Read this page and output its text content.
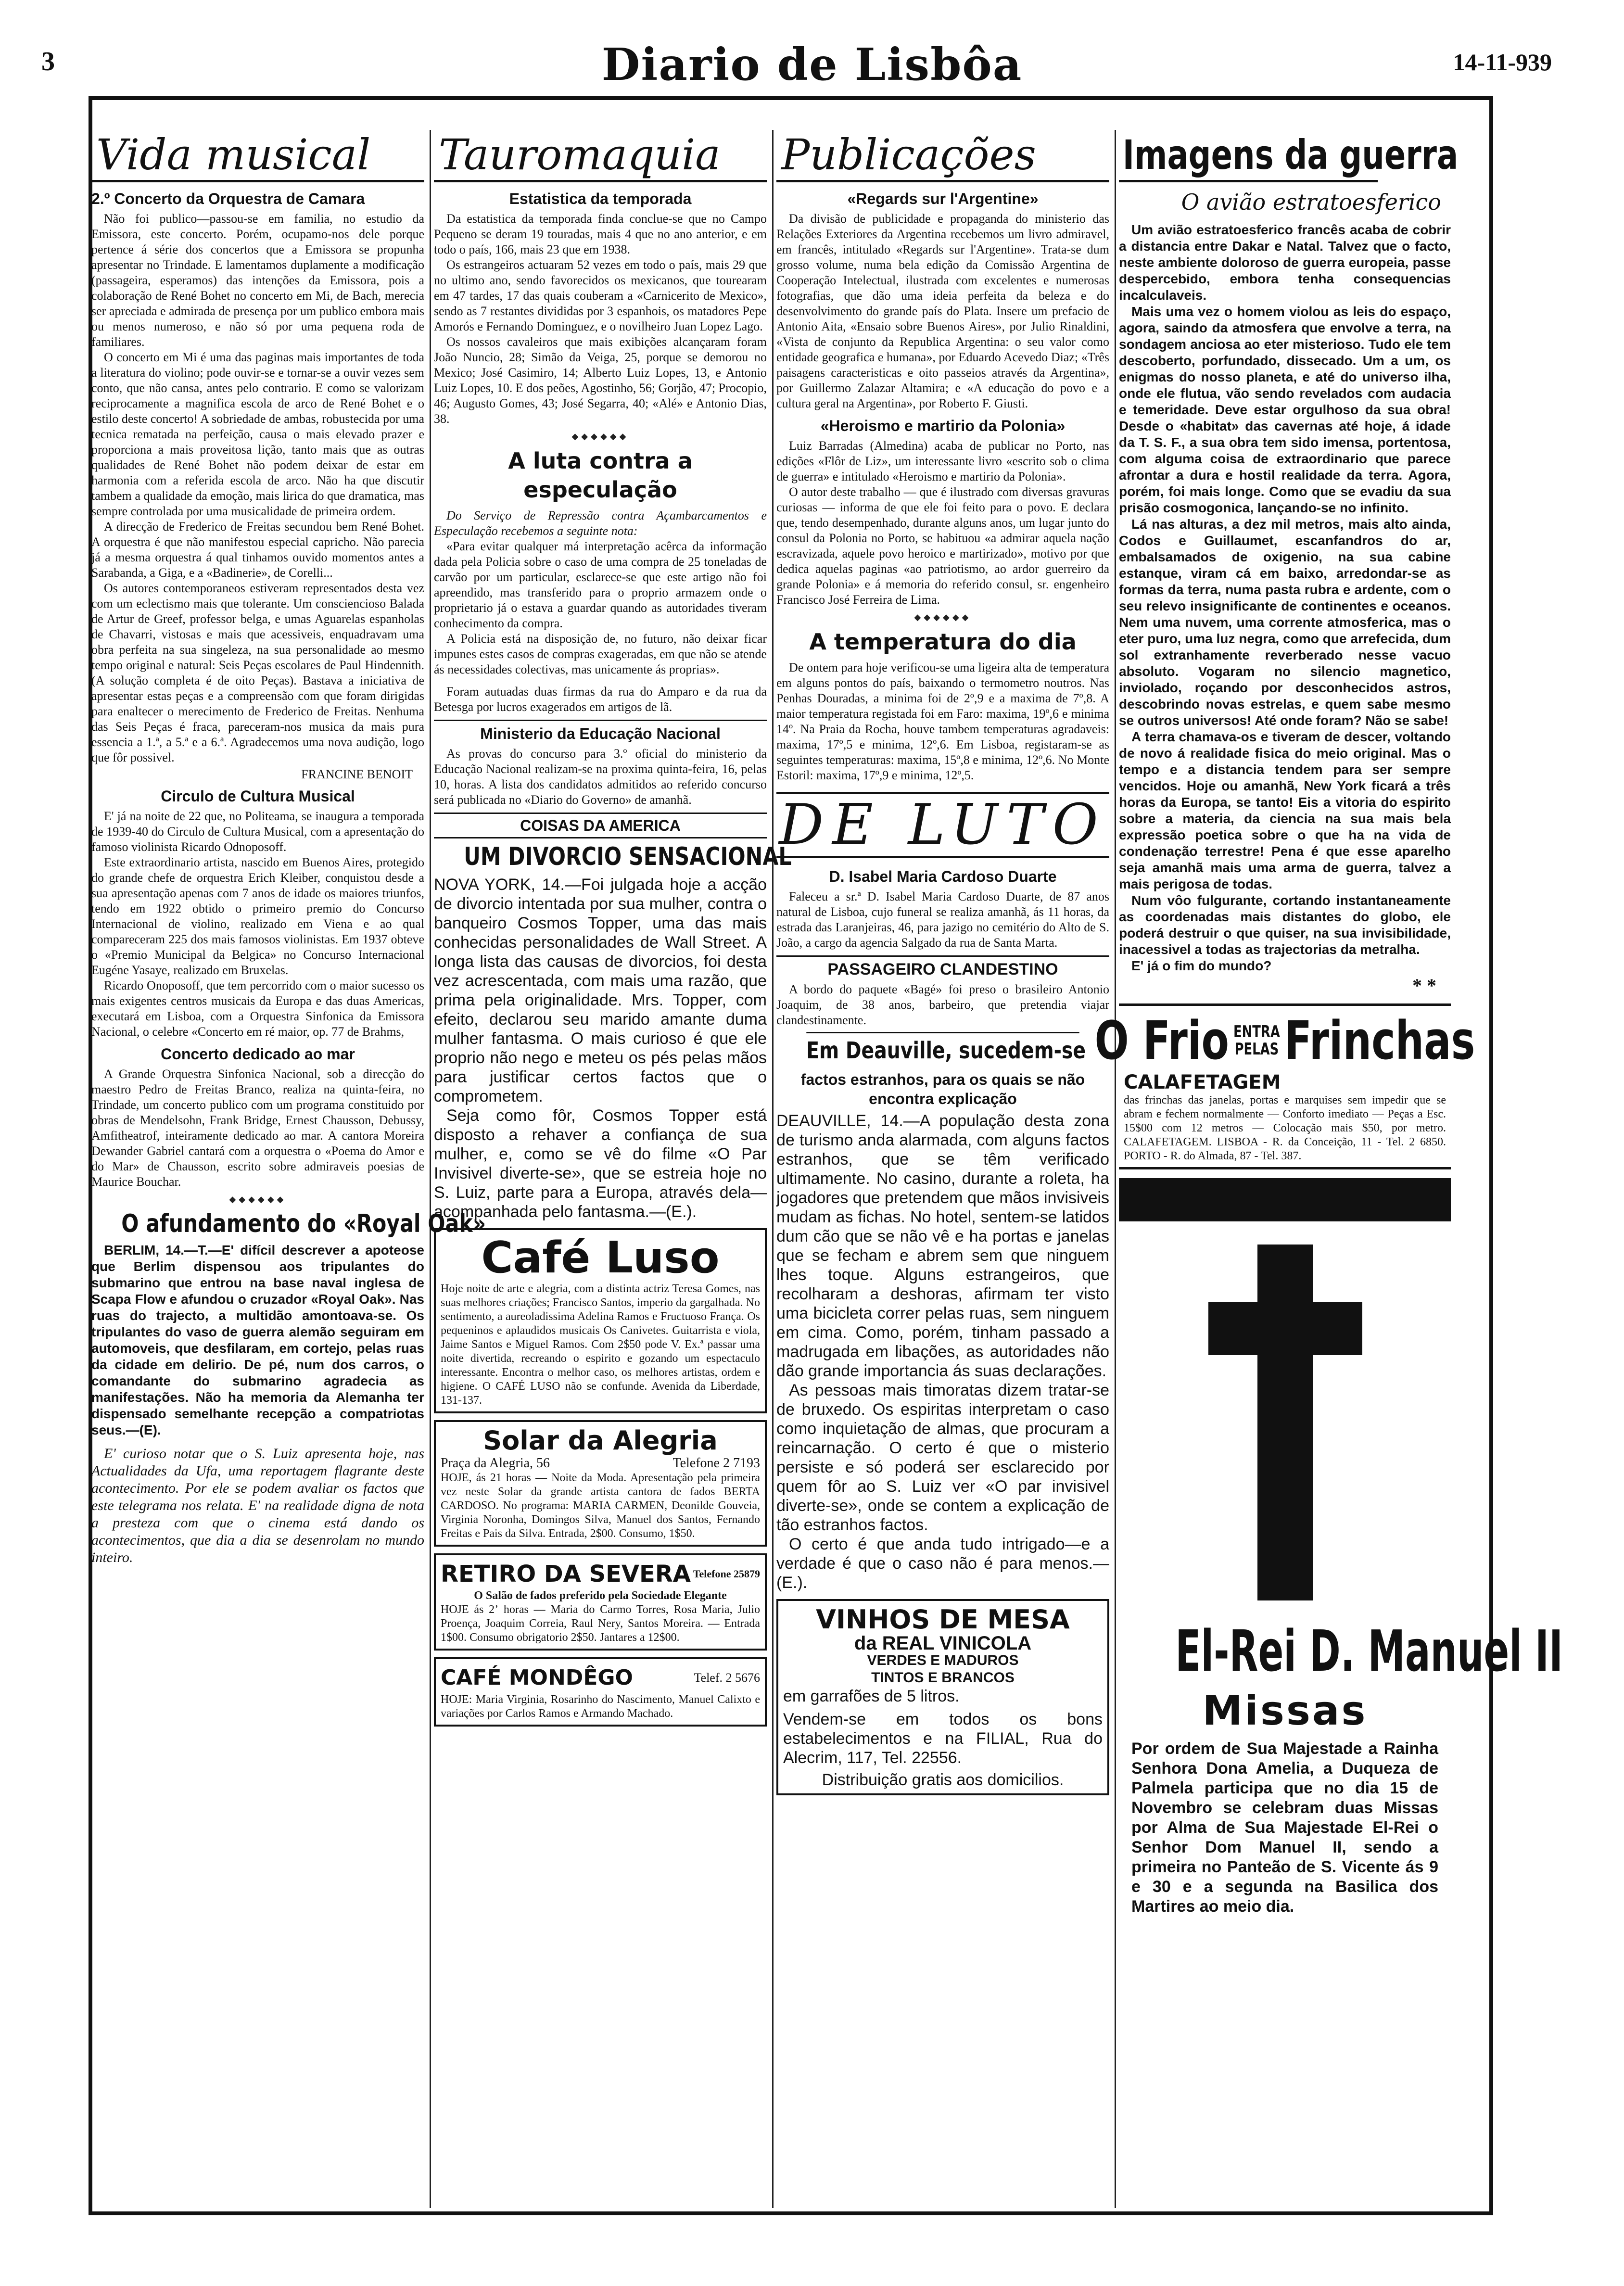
3	Diario de Lisbôa	14-11-939
Vida musical
2.º Concerto da Orquestra de Camara

Não foi publico—passou-se em familia, no estudio da Emissora, este concerto. Porém, ocupamo-nos dele porque pertence á série dos concertos que a Emissora se propunha apresentar no Trindade. E lamentamos duplamente a modificação (passageira, esperamos) das intenções da Emissora, pois a colaboração de René Bohet no concerto em Mi, de Bach, merecia ser apreciada e admirada de presença por um publico embora mais ou menos numeroso, e não só por uma pequena roda de familiares.

O concerto em Mi é uma das paginas mais importantes de toda a literatura do violino; pode ouvir-se e tornar-se a ouvir vezes sem conto, que não cansa, antes pelo contrario. E como se valorizam reciprocamente a magnifica escola de arco de René Bohet e o estilo deste concerto! A sobriedade de ambas, robustecida por uma tecnica rematada na perfeição, causa o mais elevado prazer e proporciona a mais proveitosa lição, tanto mais que as outras qualidades de René Bohet não podem deixar de estar em harmonia com a referida escola de arco. Não ha que discutir tambem a qualidade da emoção, mais lirica do que dramatica, mas sempre controlada por uma musicalidade de primeira ordem.

A direcção de Frederico de Freitas secundou bem René Bohet. A orquestra é que não manifestou especial capricho. Não parecia já a mesma orquestra á qual tinhamos ouvido momentos antes a Sarabanda, a Giga, e a «Badinerie», de Corelli...

Os autores contemporaneos estiveram representados desta vez com um eclectismo mais que tolerante. Um consciencioso Balada de Artur de Greef, professor belga, e umas Aguarelas espanholas de Chavarri, vistosas e mais que acessiveis, enquadravam uma obra perfeita na sua singeleza, na sua personalidade ao mesmo tempo original e natural: Seis Peças escolares de Paul Hindennith. (A solução completa é de oito Peças). Bastava a iniciativa de apresentar estas peças e a compreensão com que foram dirigidas para enaltecer o merecimento de Frederico de Freitas. Nenhuma das Seis Peças é fraca, pareceram-nos musica da mais pura essencia a 1.ª, a 5.ª e a 6.ª. Agradecemos uma nova audição, logo que fôr possivel.

FRANCINE BENOIT
Circulo de Cultura Musical

E' já na noite de 22 que, no Politeama, se inaugura a temporada de 1939-40 do Circulo de Cultura Musical, com a apresentação do famoso violinista Ricardo Odnoposoff.

Este extraordinario artista, nascido em Buenos Aires, protegido do grande chefe de orquestra Erich Kleiber, conquistou desde a sua apresentação apenas com 7 anos de idade os maiores triunfos, tendo em 1922 obtido o primeiro premio do Concurso Internacional de violino, realizado em Viena e ao qual compareceram 225 dos mais famosos violinistas. Em 1937 obteve o «Premio Municipal da Belgica» no Concurso Internacional Eugéne Yasaye, realizado em Bruxelas.

Ricardo Onoposoff, que tem percorrido com o maior sucesso os mais exigentes centros musicais da Europa e das duas Americas, executará em Lisboa, com a Orquestra Sinfonica da Emissora Nacional, o celebre «Concerto em ré maior, op. 77 de Brahms,

Concerto dedicado ao mar

A Grande Orquestra Sinfonica Nacional, sob a direcção do maestro Pedro de Freitas Branco, realiza na quinta-feira, no Trindade, um concerto publico com um programa constituido por obras de Mendelsohn, Frank Bridge, Ernest Chausson, Debussy, Amfitheatrof, inteiramente dedicado ao mar. A cantora Moreira Dewander Gabriel cantará com a orquestra o «Poema do Amor e do Mar» de Chausson, escrito sobre admiraveis poesias de Maurice Bouchar.

◆◆◆◆◆◆
O afundamento do «Royal Oak»

BERLIM, 14.—T.—E' difícil descrever a apoteose que Berlim dispensou aos tripulantes do submarino que entrou na base naval inglesa de Scapa Flow e afundou o cruzador «Royal Oak». Nas ruas do trajecto, a multidão amontoava-se. Os tripulantes do vaso de guerra alemão seguiram em automoveis, que desfilaram, em cortejo, pelas ruas da cidade em delirio. De pé, num dos carros, o comandante do submarino agradecia as manifestações. Não ha memoria da Alemanha ter dispensado semelhante recepção a compatriotas seus.—(E).

E' curioso notar que o S. Luiz apresenta hoje, nas Actualidades da Ufa, uma reportagem flagrante deste acontecimento. Por ele se podem avaliar os factos que este telegrama nos relata. E' na realidade digna de nota a presteza com que o cinema está dando os acontecimentos, que dia a dia se desenrolam no mundo inteiro.

Tauromaquia
Estatistica da temporada

Da estatistica da temporada finda conclue-se que no Campo Pequeno se deram 19 touradas, mais 4 que no ano anterior, e em todo o país, 166, mais 23 que em 1938.

Os estrangeiros actuaram 52 vezes em todo o país, mais 29 que no ultimo ano, sendo favorecidos os mexicanos, que tourearam em 47 tardes, 17 das quais couberam a «Carnicerito de Mexico», sendo as 7 restantes divididas por 3 espanhois, os matadores Pepe Amorós e Fernando Dominguez, e o novilheiro Juan Lopez Lago.

Os nossos cavaleiros que mais exibições alcançaram foram João Nuncio, 28; Simão da Veiga, 25, porque se demorou no Mexico; José Casimiro, 14; Alberto Luiz Lopes, 13, e Antonio Luiz Lopes, 10. E dos peões, Agostinho, 56; Gorjão, 47; Procopio, 46; Augusto Gomes, 43; José Segarra, 40; «Alé» e Antonio Dias, 38.

◆◆◆◆◆◆
A luta contra a especulação

Do Serviço de Repressão contra Açambarcamentos e Especulação recebemos a seguinte nota:

«Para evitar qualquer má interpretação acêrca da informação dada pela Policia sobre o caso de uma compra de 25 toneladas de carvão por um particular, esclarece-se que este artigo não foi apreendido, mas transferido para o proprio armazem onde o proprietario já o estava a guardar quando as autoridades tiveram conhecimento da compra.

A Policia está na disposição de, no futuro, não deixar ficar impunes estes casos de compras exageradas, em que não se atende ás necessidades colectivas, mas unicamente ás proprias».

Foram autuadas duas firmas da rua do Amparo e da rua da Betesga por lucros exagerados em artigos de lã.

Ministerio da Educação Nacional

As provas do concurso para 3.º oficial do ministerio da Educação Nacional realizam-se na proxima quinta-feira, 16, pelas 10, horas. A lista dos candidatos admitidos ao referido concurso será publicada no «Diario do Governo» de amanhã.

COISAS DA AMERICA
UM DIVORCIO SENSACIONAL

NOVA YORK, 14.—Foi julgada hoje a acção de divorcio intentada por sua mulher, contra o banqueiro Cosmos Topper, uma das mais conhecidas personalidades de Wall Street. A longa lista das causas de divorcios, foi desta vez acrescentada, com mais uma razão, que prima pela originalidade. Mrs. Topper, com efeito, declarou seu marido amante duma mulher fantasma. O mais curioso é que ele proprio não nego e meteu os pés pelas mãos para justificar certos factos que o comprometem.

Seja como fôr, Cosmos Topper está disposto a rehaver a confiança de sua mulher, e, como se vê do filme «O Par Invisivel diverte-se», que se estreia hoje no S. Luiz, parte para a Europa, através dela—acompanhada pelo fantasma.—(E.).

Café Luso
Hoje noite de arte e alegria, com a distinta actriz Teresa Gomes, nas suas melhores criações; Francisco Santos, imperio da gargalhada. No sentimento, a aureoladissima Adelina Ramos e Fructuoso França. Os pequeninos e aplaudidos musicais Os Canivetes. Guitarrista e viola, Jaime Santos e Miguel Ramos. Com 2$50 pode V. Ex.ª passar uma noite divertida, recreando o espirito e gozando um espectaculo interessante. Encontra o melhor caso, os melhores artistas, ordem e higiene. O CAFÉ LUSO não se confunde. Avenida da Liberdade, 131-137.
Solar da Alegria
Praça da Alegria, 56	Telefone 2 7193
HOJE, ás 21 horas — Noite da Moda. Apresentação pela primeira vez neste Solar da grande artista cantora de fados BERTA CARDOSO. No programa: MARIA CARMEN, Deonilde Gouveia, Virginia Noronha, Domingos Silva, Manuel dos Santos, Fernando Freitas e Pais da Silva. Entrada, 2$00. Consumo, 1$50.
RETIRO DA SEVERA Telefone 25879
O Salão de fados preferido pela Sociedade Elegante
HOJE ás 2ʼ horas — Maria do Carmo Torres, Rosa Maria, Julio Proença, Joaquim Correia, Raul Nery, Santos Moreira. — Entrada 1$00. Consumo obrigatorio 2$50. Jantares a 12$00.
CAFÉ MONDÊGO	Telef. 2 5676
HOJE: Maria Virginia, Rosarinho do Nascimento, Manuel Calixto e variações por Carlos Ramos e Armando Machado.
Publicações
«Regards sur l'Argentine»

Da divisão de publicidade e propaganda do ministerio das Relações Exteriores da Argentina recebemos um livro admiravel, em francês, intitulado «Regards sur l'Argentine». Trata-se dum grosso volume, numa bela edição da Comissão Argentina de Cooperação Intelectual, ilustrada com excelentes e numerosas fotografias, que dão uma ideia perfeita da beleza e do desenvolvimento do grande país do Plata. Insere um prefacio de Antonio Aita, «Ensaio sobre Buenos Aires», por Julio Rinaldini, «Vista de conjunto da Republica Argentina: o seu valor como entidade geografica e humana», por Eduardo Acevedo Diaz; «Três paisagens caracteristicas e oito passeios através da Argentina», por Guillermo Zalazar Altamira; e «A educação do povo e a cultura geral na Argentina», por Roberto F. Giusti.

«Heroismo e martirio da Polonia»

Luiz Barradas (Almedina) acaba de publicar no Porto, nas edições «Flôr de Liz», um interessante livro «escrito sob o clima de guerra» e intitulado «Heroismo e martirio da Polonia».

O autor deste trabalho — que é ilustrado com diversas gravuras curiosas — informa de que ele foi feito para o povo. E declara que, tendo desempenhado, durante alguns anos, um lugar junto do consul da Polonia no Porto, se habituou «a admirar aquela nação escravizada, aquele povo heroico e martirizado», motivo por que dedica aquelas paginas «ao patriotismo, ao ardor guerreiro da grande Polonia» e á memoria do referido consul, sr. engenheiro Francisco José Ferreira de Lima.

◆◆◆◆◆◆
A temperatura do dia

De ontem para hoje verificou-se uma ligeira alta de temperatura em alguns pontos do país, baixando o termometro noutros. Nas Penhas Douradas, a minima foi de 2º,9 e a maxima de 7º,8. A maior temperatura registada foi em Faro: maxima, 19º,6 e minima 14º. Na Praia da Rocha, houve tambem temperaturas agradaveis: maxima, 17º,5 e minima, 12º,6. Em Lisboa, registaram-se as seguintes temperaturas: maxima, 15º,8 e minima, 12º,6. No Monte Estoril: maxima, 17º,9 e minima, 12º,5.

DE LUTO
D. Isabel Maria Cardoso Duarte

Faleceu a sr.ª D. Isabel Maria Cardoso Duarte, de 87 anos natural de Lisboa, cujo funeral se realiza amanhã, ás 11 horas, da estrada das Laranjeiras, 46, para jazigo no cemitério do Alto de S. João, a cargo da agencia Salgado da rua de Santa Marta.

PASSAGEIRO CLANDESTINO

A bordo do paquete «Bagé» foi preso o brasileiro Antonio Joaquim, de 38 anos, barbeiro, que pretendia viajar clandestinamente.

Em Deauville, sucedem-se
factos estranhos, para os quais se não encontra explicação

DEAUVILLE, 14.—A população desta zona de turismo anda alarmada, com alguns factos estranhos, que se têm verificado ultimamente. No casino, durante a roleta, ha jogadores que pretendem que mãos invisiveis mudam as fichas. No hotel, sentem-se latidos dum cão que se não vê e ha portas e janelas que se fecham e abrem sem que ninguem lhes toque. Alguns estrangeiros, que recolharam a deshoras, afirmam ter visto uma bicicleta correr pelas ruas, sem ninguem em cima. Como, porém, tinham passado a madrugada em libações, as autoridades não dão grande importancia ás suas declarações.

As pessoas mais timoratas dizem tratar-se de bruxedo. Os espiritas interpretam o caso como inquietação de almas, que procuram a reincarnação. O certo é que o misterio persiste e só poderá ser esclarecido por quem fôr ao S. Luiz ver «O par invisivel diverte-se», onde se contem a explicação de tão estranhos factos.

O certo é que anda tudo intrigado—e a verdade é que o caso não é para menos.—(E.).

VINHOS DE MESA
da REAL VINICOLA
VERDES E MADUROS
TINTOS E BRANCOS
em garrafões de 5 litros.
Vendem-se em todos os bons estabelecimentos e na FILIAL, Rua do Alecrim, 117, Tel. 22556.
Distribuição gratis aos domicilios.
Imagens da guerra
O avião estratoesferico

Um avião estratoesferico francês acaba de cobrir a distancia entre Dakar e Natal. Talvez que o facto, neste ambiente doloroso de guerra europeia, passe despercebido, embora tenha consequencias incalculaveis.

Mais uma vez o homem violou as leis do espaço, agora, saindo da atmosfera que envolve a terra, na sondagem anciosa ao eter misterioso. Tudo ele tem descoberto, porfundado, dissecado. Um a um, os enigmas do nosso planeta, e até do universo ilha, onde ele flutua, vão sendo revelados com audacia e temeridade. Deve estar orgulhoso da sua obra! Desde o «habitat» das cavernas até hoje, á idade da T. S. F., a sua obra tem sido imensa, portentosa, com alguma coisa de extraordinario que parece afrontar a dura e hostil realidade da terra. Agora, porém, foi mais longe. Como que se evadiu da sua prisão cosmogonica, lançando-se no infinito.

Lá nas alturas, a dez mil metros, mais alto ainda, Codos e Guillaumet, escanfandros do ar, embalsamados de oxigenio, na sua cabine estanque, viram cá em baixo, arredondar-se as formas da terra, numa pasta rubra e ardente, com o seu relevo insignificante de continentes e oceanos. Nem uma nuvem, uma corrente atmosferica, mas o eter puro, uma luz negra, como que arrefecida, dum sol extranhamente reverberado nesse vacuo absoluto. Vogaram no silencio magnetico, inviolado, roçando por desconhecidos astros, descobrindo novas estrelas, e quem sabe mesmo se outros universos! Até onde foram? Não se sabe!

A terra chamava-os e tiveram de descer, voltando de novo á realidade fisica do meio original. Mas o tempo e a distancia tendem para ser sempre vencidos. Hoje ou amanhã, New York ficará a três horas da Europa, se tanto! Eis a vitoria do espirito sobre a materia, da ciencia na sua mais bela expressão poetica sobre o que ha na vida de condenação terrestre! Pena é que esse aparelho seja amanhã mais uma arma de guerra, talvez a mais perigosa de todas.

Num vôo fulgurante, cortando instantaneamente as coordenadas mais distantes do globo, ele poderá destruir o que quiser, na sua invisibilidade, inacessivel a todas as trajectorias da metralha.

E' já o fim do mundo?

* *
O Frio ENTRA
PELAS Frinchas
CALAFETAGEM
das frinchas das janelas, portas e marquises sem impedir que se abram e fechem normalmente — Conforto imediato — Peças a Esc. 15$00 com 12 metros — Colocação mais $50, por metro. CALAFETAGEM. LISBOA - R. da Conceição, 11 - Tel. 2 6850. PORTO - R. do Almada, 87 - Tel. 387.
El-Rei D. Manuel II
Missas
Por ordem de Sua Majestade a Rainha Senhora Dona Amelia, a Duqueza de Palmela participa que no dia 15 de Novembro se celebram duas Missas por Alma de Sua Majestade El-Rei o Senhor Dom Manuel II, sendo a primeira no Panteão de S. Vicente ás 9 e 30 e a segunda na Basilica dos Martires ao meio dia.
